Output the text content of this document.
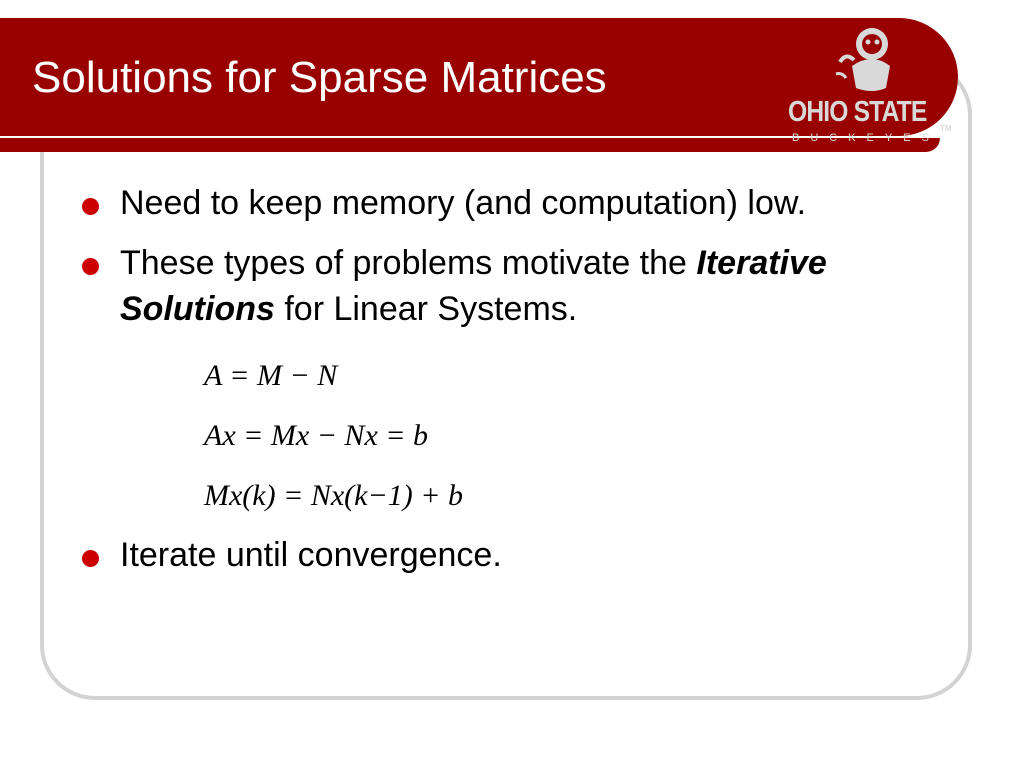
Solutions for Sparse Matrices
OHIO STATE
BUCKEYES
TM

Need to keep memory (and computation) low.

These types of problems motivate the Iterative Solutions for Linear Systems.

A = M − N
Ax = Mx − Nx = b
Mx(k) = Nx(k−1) + b

Iterate until convergence.
